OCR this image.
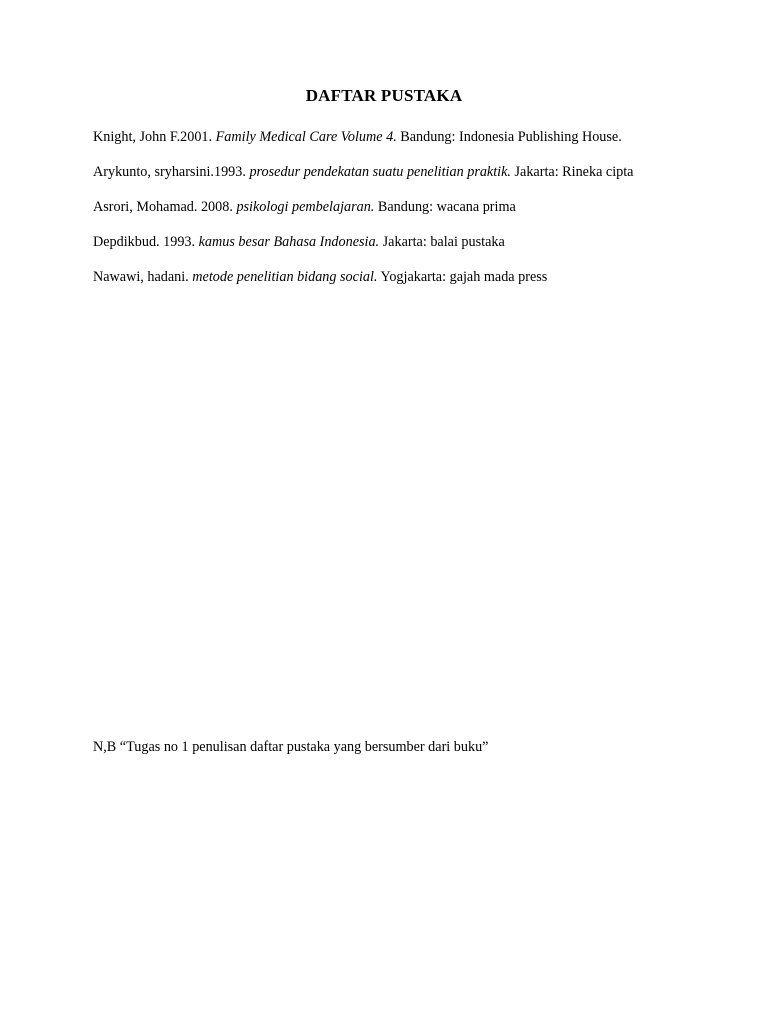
DAFTAR PUSTAKA

Knight, John F.2001. Family Medical Care Volume 4. Bandung: Indonesia Publishing House.

Arykunto, sryharsini.1993. prosedur pendekatan suatu penelitian praktik. Jakarta: Rineka cipta

Asrori, Mohamad. 2008. psikologi pembelajaran. Bandung: wacana prima

Depdikbud. 1993. kamus besar Bahasa Indonesia. Jakarta: balai pustaka

Nawawi, hadani. metode penelitian bidang social. Yogjakarta: gajah mada press

N,B “Tugas no 1 penulisan daftar pustaka yang bersumber dari buku”
